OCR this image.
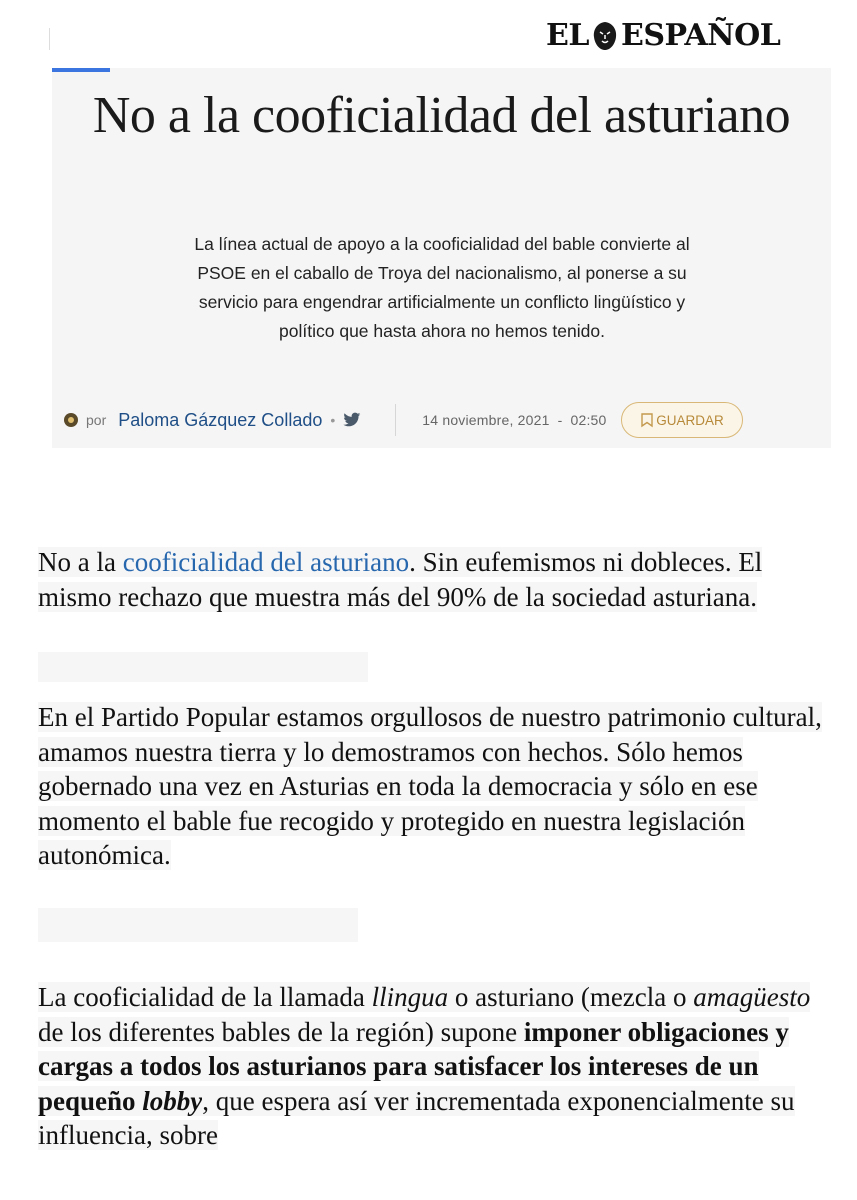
EL ESPAÑOL
No a la cooficialidad del asturiano

La línea actual de apoyo a la cooficialidad del bable convierte al PSOE en el caballo de Troya del nacionalismo, al ponerse a su servicio para engendrar artificialmente un conflicto lingüístico y político que hasta ahora no hemos tenido.

por Paloma Gázquez Collado •	14 noviembre, 2021 - 02:50	GUARDAR

No a la cooficialidad del asturiano. Sin eufemismos ni dobleces. El mismo rechazo que muestra más del 90% de la sociedad asturiana.

En el Partido Popular estamos orgullosos de nuestro patrimonio cultural, amamos nuestra tierra y lo demostramos con hechos. Sólo hemos gobernado una vez en Asturias en toda la democracia y sólo en ese momento el bable fue recogido y protegido en nuestra legislación autonómica.

La cooficialidad de la llamada llingua o asturiano (mezcla o amagüesto de los diferentes bables de la región) supone imponer obligaciones y cargas a todos los asturianos para satisfacer los intereses de un pequeño lobby, que espera así ver incrementada exponencialmente su influencia, sobre
